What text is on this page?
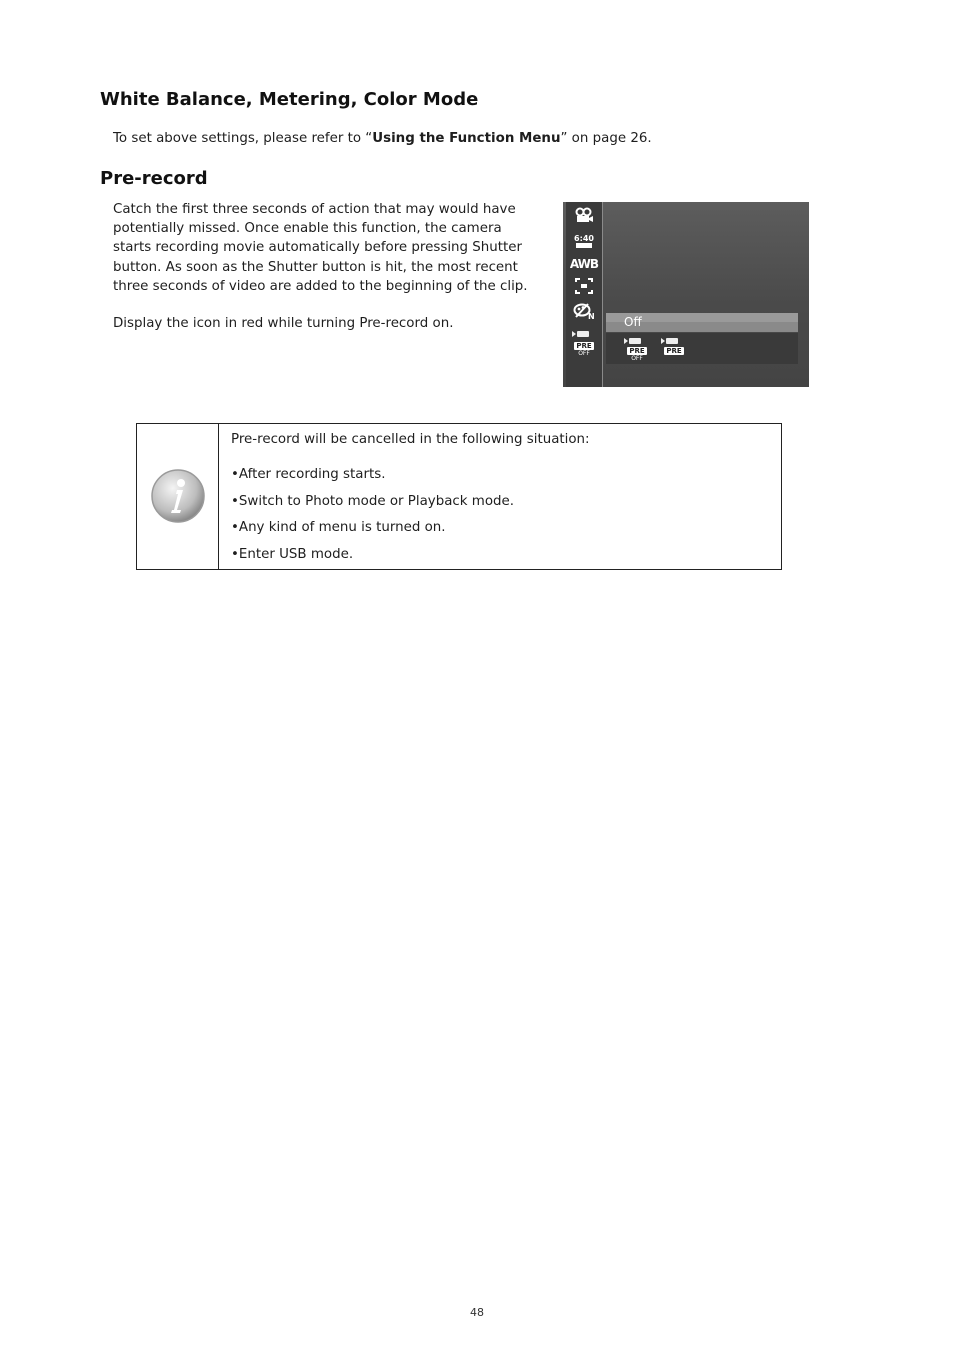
White Balance, Metering, Color Mode
To set above settings, please refer to “Using the Function Menu” on page 26.
Pre-record
Catch the first three seconds of action that may would have
potentially missed. Once enable this function, the camera
starts recording movie automatically before pressing Shutter
button. As soon as the Shutter button is hit, the most recent
three seconds of video are added to the beginning of the clip.
Display the icon in red while turning Pre-record on.
6:40
AWB
N
PRE
OFF
Off
PRE
OFF
PRE
Pre-record will be cancelled in the following situation:
•After recording starts.
•Switch to Photo mode or Playback mode.
•Any kind of menu is turned on.
•Enter USB mode.
48
